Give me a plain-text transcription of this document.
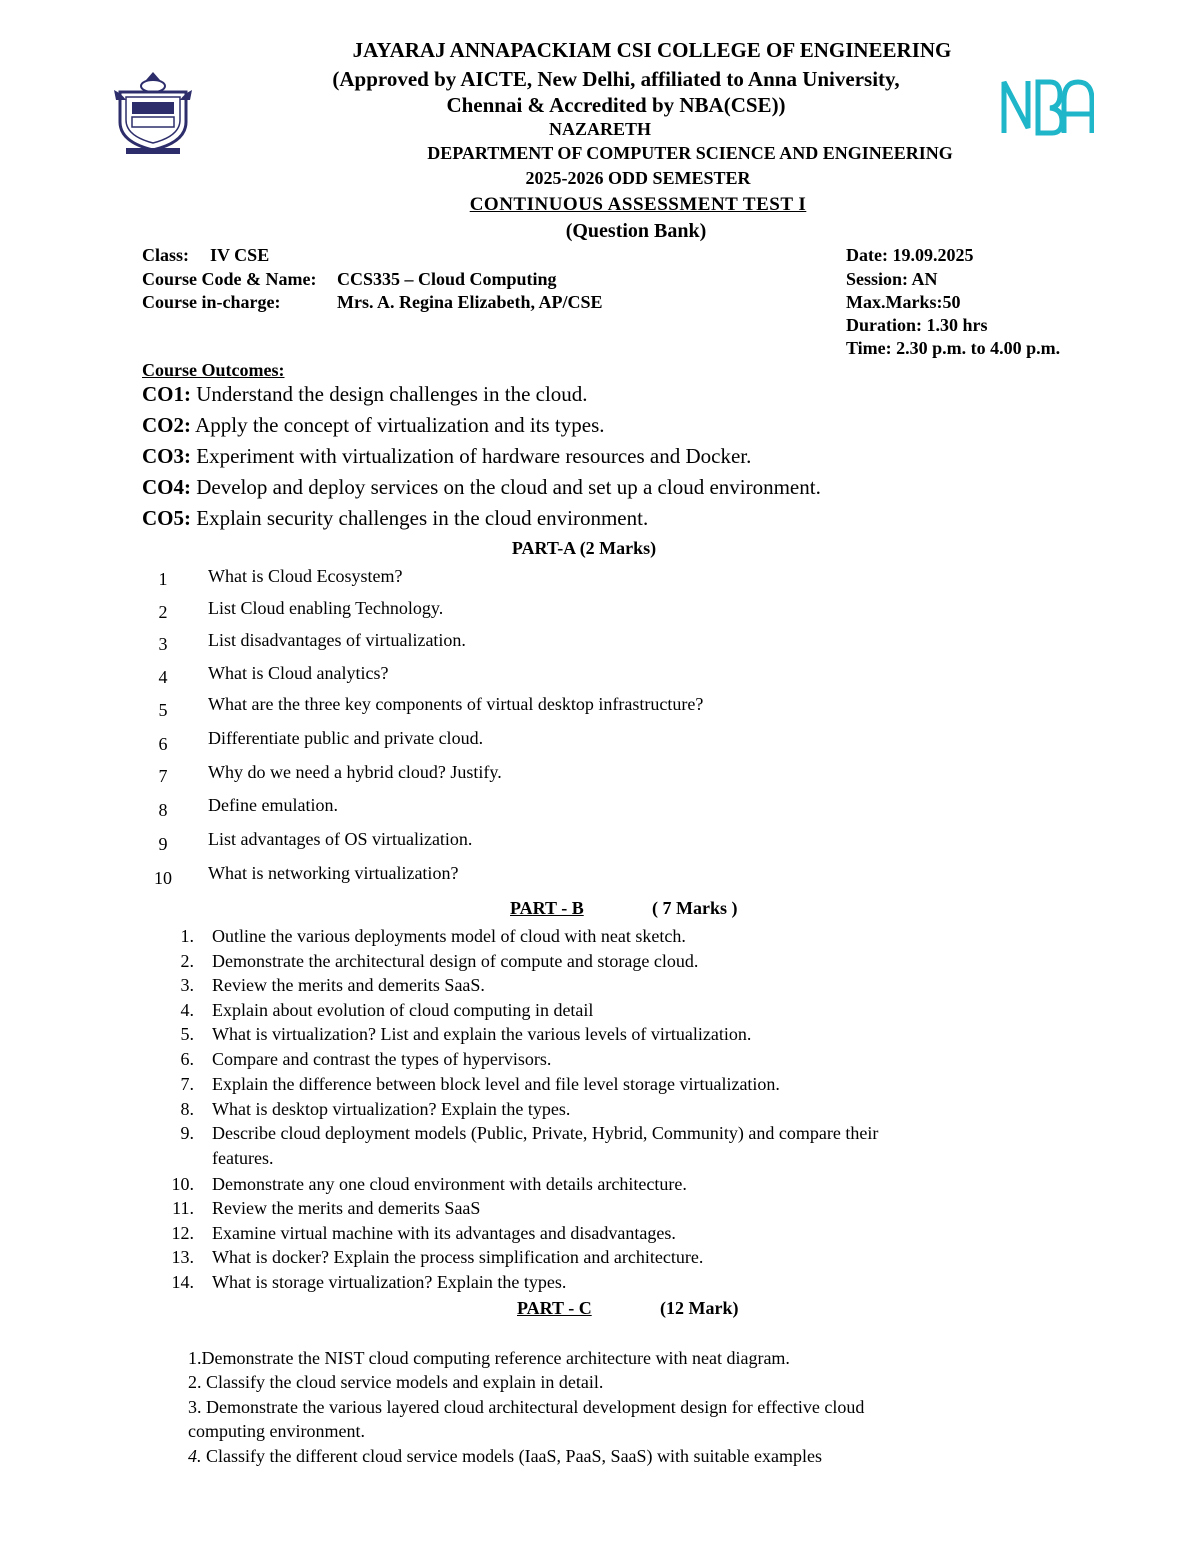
JAYARAJ ANNAPACKIAM CSI COLLEGE OF ENGINEERING
(Approved by AICTE, New Delhi, affiliated to Anna University,
Chennai & Accredited by NBA(CSE))
NAZARETH
DEPARTMENT OF COMPUTER SCIENCE AND ENGINEERING
2025-2026 ODD SEMESTER
CONTINUOUS ASSESSMENT TEST I
(Question Bank)
Class: IV CSE
Course Code & Name: CCS335 – Cloud Computing
Course in-charge:	Mrs. A. Regina Elizabeth, AP/CSE
Date: 19.09.2025
Session: AN
Max.Marks:50
Duration: 1.30 hrs
Time: 2.30 p.m. to 4.00 p.m.
Course Outcomes:
CO1: Understand the design challenges in the cloud.
CO2: Apply the concept of virtualization and its types.
CO3: Experiment with virtualization of hardware resources and Docker.
CO4: Develop and deploy services on the cloud and set up a cloud environment.
CO5: Explain security challenges in the cloud environment.
PART-A (2 Marks)
1	What is Cloud Ecosystem?
2	List Cloud enabling Technology.
3	List disadvantages of virtualization.
4	What is Cloud analytics?
5	What are the three key components of virtual desktop infrastructure?
6	Differentiate public and private cloud.
7	Why do we need a hybrid cloud? Justify.
8	Define emulation.
9	List advantages of OS virtualization.
10	What is networking virtualization?
PART - B	( 7 Marks )
1. Outline the various deployments model of cloud with neat sketch.
2. Demonstrate the architectural design of compute and storage cloud.
3. Review the merits and demerits SaaS.
4. Explain about evolution of cloud computing in detail
5. What is virtualization? List and explain the various levels of virtualization.
6. Compare and contrast the types of hypervisors.
7. Explain the difference between block level and file level storage virtualization.
8. What is desktop virtualization? Explain the types.
9. Describe cloud deployment models (Public, Private, Hybrid, Community) and compare their
features.
10. Demonstrate any one cloud environment with details architecture.
11. Review the merits and demerits SaaS
12. Examine virtual machine with its advantages and disadvantages.
13. What is docker? Explain the process simplification and architecture.
14. What is storage virtualization? Explain the types.
PART - C	(12 Mark)
1.Demonstrate the NIST cloud computing reference architecture with neat diagram.
2. Classify the cloud service models and explain in detail.
3. Demonstrate the various layered cloud architectural development design for effective cloud
computing environment.
4. Classify the different cloud service models (IaaS, PaaS, SaaS) with suitable examples
